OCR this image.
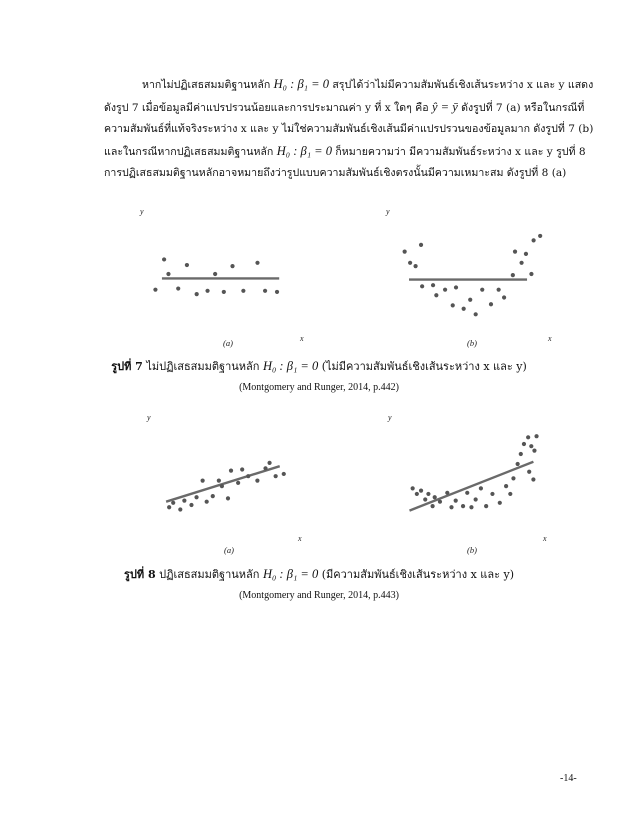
หากไม่ปฏิเสธสมมติฐานหลัก H₀ : β₁ = 0 สรุปได้ว่าไม่มีความสัมพันธ์เชิงเส้นระหว่าง x และ y แสดง
ดังรูป 7 เมื่อข้อมูลมีค่าแปรปรวนน้อยและการประมาณค่า y ที่ x ใดๆ คือ ŷ = ȳ ดังรูปที่ 7 (a) หรือในกรณีที่
ความสัมพันธ์ที่แท้จริงระหว่าง x และ y ไม่ใช่ความสัมพันธ์เชิงเส้นมีค่าแปรปรวนของข้อมูลมาก ดังรูปที่ 7 (b)
และในกรณีหากปฏิเสธสมมติฐานหลัก H₀ : β₁ = 0 ก็หมายความว่า มีความสัมพันธ์ระหว่าง x และ y รูปที่ 8
การปฏิเสธสมมติฐานหลักอาจหมายถึงว่ารูปแบบความสัมพันธ์เชิงตรงนั้นมีความเหมาะสม ดังรูปที่ 8 (a)
y
x
(a)
y
x
(b)
y
x
(a)
y
x
(b)
รูปที่ 7 ไม่ปฏิเสธสมมติฐานหลัก H₀ : β₁ = 0 (ไม่มีความสัมพันธ์เชิงเส้นระหว่าง x และ y)
(Montgomery and Runger, 2014, p.442)
รูปที่ 8 ปฏิเสธสมมติฐานหลัก H₀ : β₁ = 0 (มีความสัมพันธ์เชิงเส้นระหว่าง x และ y)
(Montgomery and Runger, 2014, p.443)
-14-
